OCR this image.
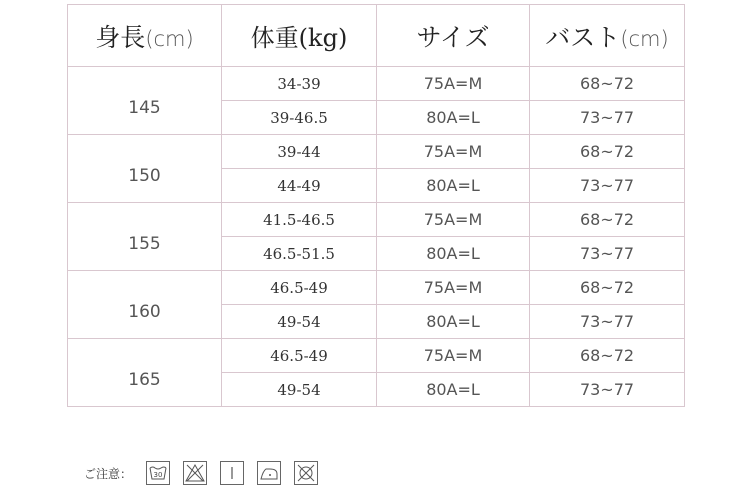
身長(cm)	体重(kg)	サイズ	バスト(cm)
145	34-39	75A=M	68~72
	39-46.5	80A=L	73~77
150	39-44	75A=M	68~72
	44-49	80A=L	73~77
155	41.5-46.5	75A=M	68~72
	46.5-51.5	80A=L	73~77
160	46.5-49	75A=M	68~72
	49-54	80A=L	73~77
165	46.5-49	75A=M	68~72
	49-54	80A=L	73~77
ご注意：	30
